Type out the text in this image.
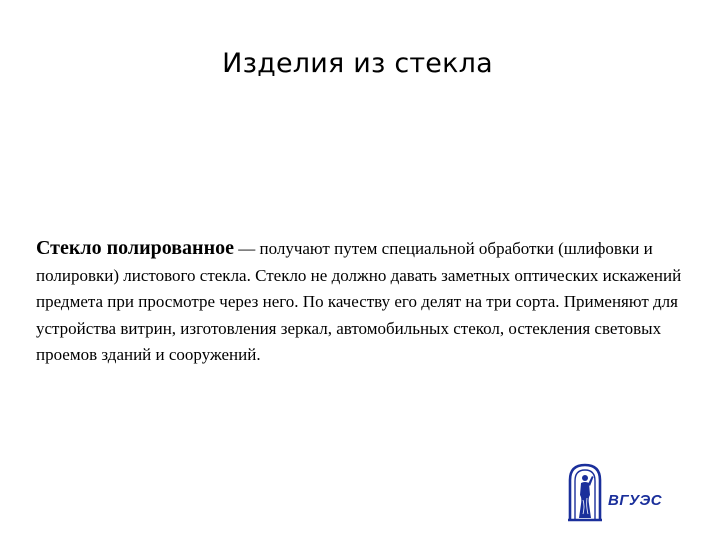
Изделия из стекла
Стекло полированное — получают путем специальной обработки (шлифовки и полировки) листового стекла. Стекло не должно давать заметных оптических искажений предмета при просмотре через него. По качеству его делят на три сорта. Применяют для устройства витрин, изготовления зеркал, автомобильных стекол, остекления световых проемов зданий и сооружений.
ВГУЭС
